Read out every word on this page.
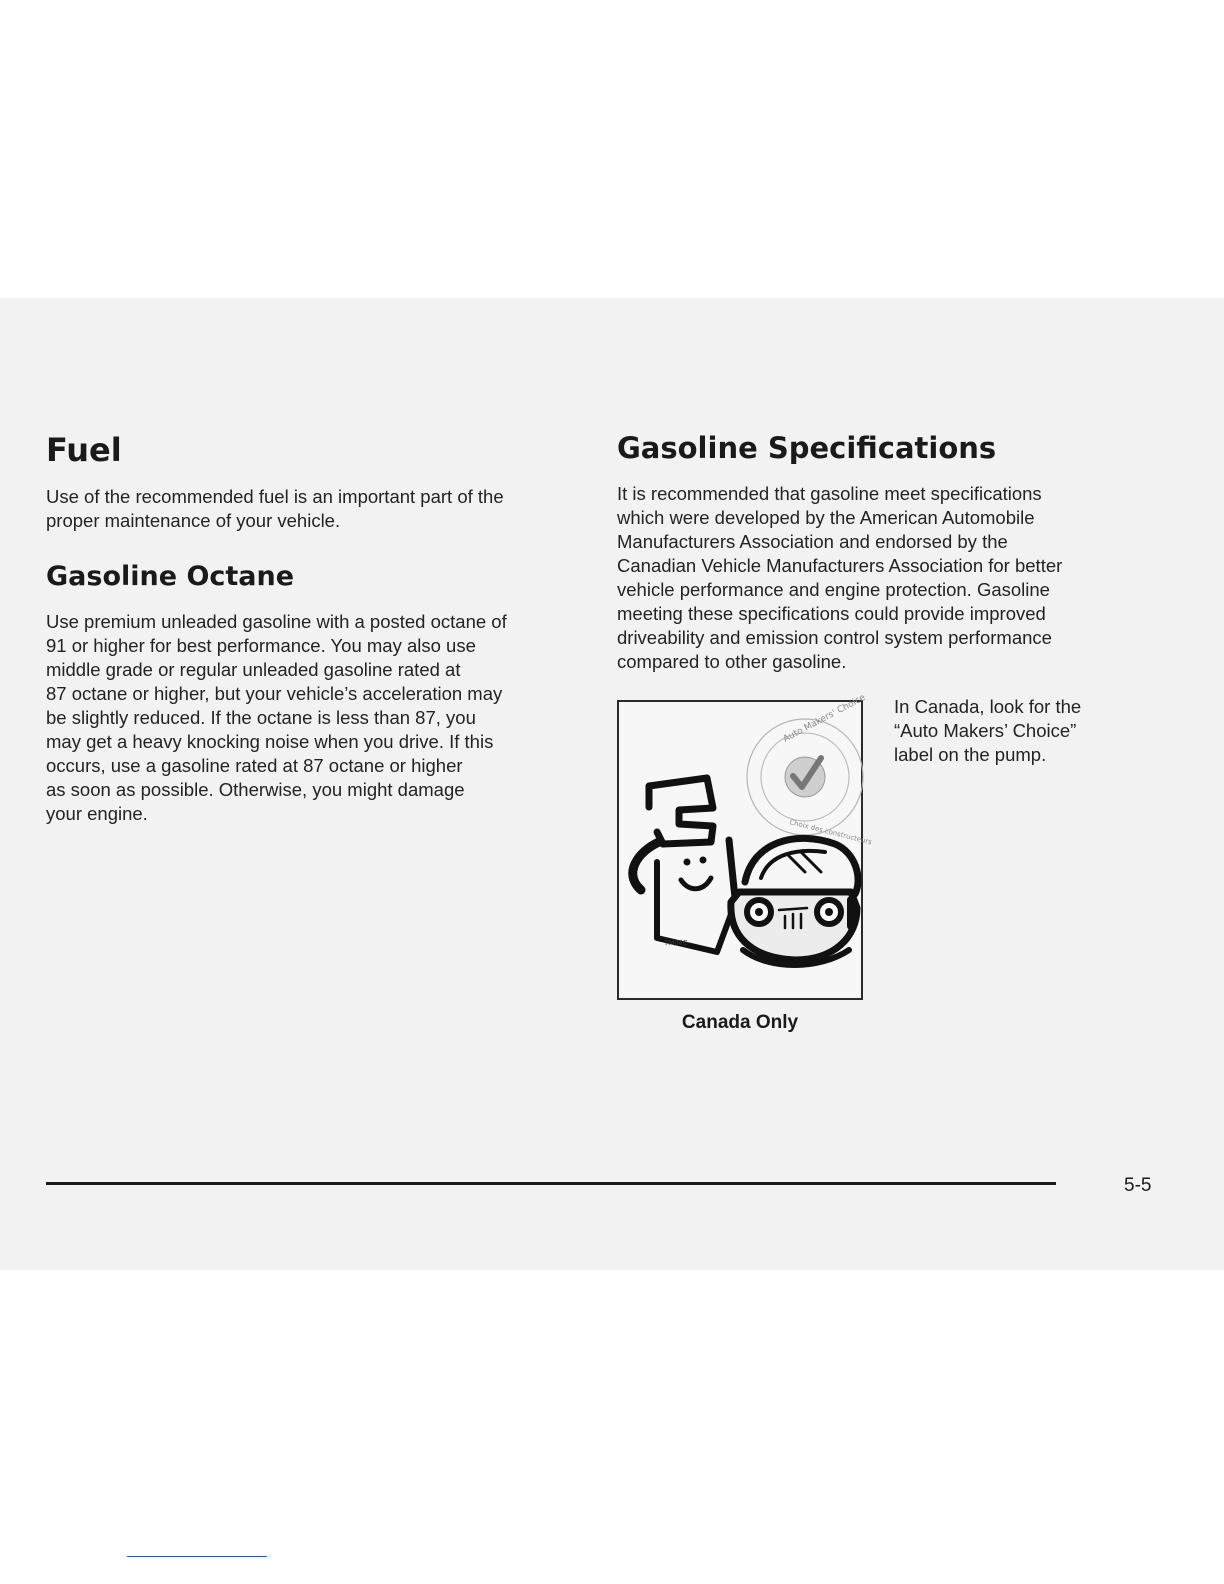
Fuel
Use of the recommended fuel is an important part of the
proper maintenance of your vehicle.
Gasoline Octane
Use premium unleaded gasoline with a posted octane of
91 or higher for best performance. You may also use
middle grade or regular unleaded gasoline rated at
87 octane or higher, but your vehicle’s acceleration may
be slightly reduced. If the octane is less than 87, you
may get a heavy knocking noise when you drive. If this
occurs, use a gasoline rated at 87 octane or higher
as soon as possible. Otherwise, you might damage
your engine.
Gasoline Specifications
It is recommended that gasoline meet specifications
which were developed by the American Automobile
Manufacturers Association and endorsed by the
Canadian Vehicle Manufacturers Association for better
vehicle performance and engine protection. Gasoline
meeting these specifications could provide improved
driveability and emission control system performance
compared to other gasoline.
Auto Makers' Choice
Choix des constructeurs
TM/MC
Canada Only
In Canada, look for the
“Auto Makers’ Choice”
label on the pump.
5-5
